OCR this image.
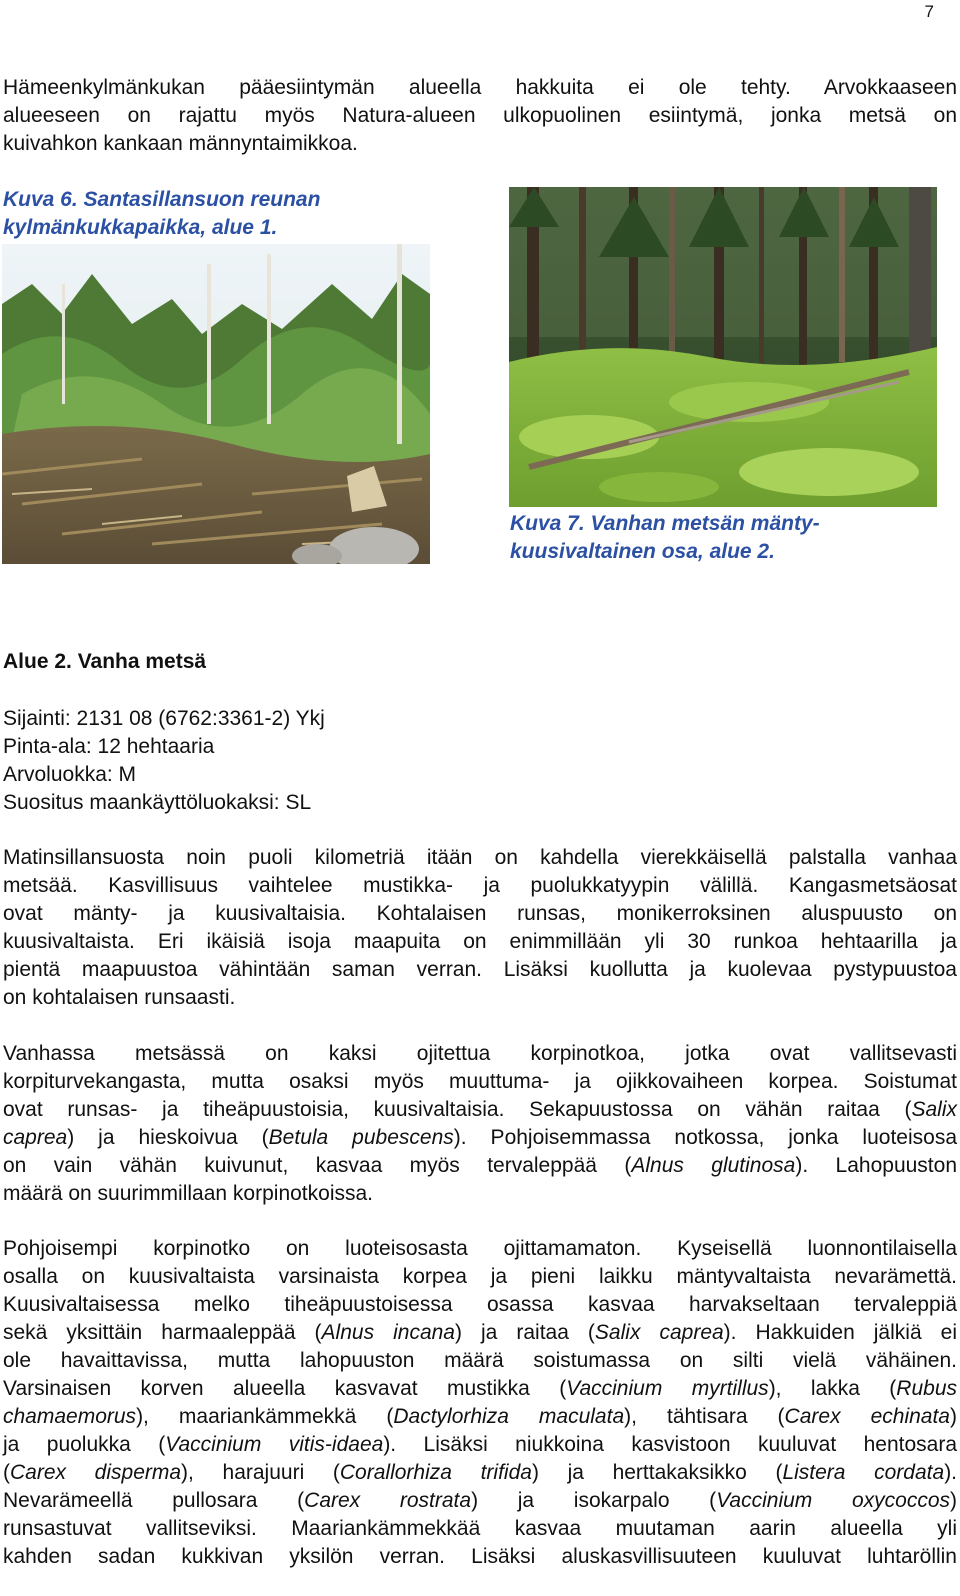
7
Hämeenkylmänkukan pääesiintymän alueella hakkuita ei ole tehty. Arvokkaaseen
alueeseen on rajattu myös Natura-alueen ulkopuolinen esiintymä, jonka metsä on
kuivahkon kankaan männyntaimikkoa.
Kuva 6. Santasillansuon reunan
kylmänkukkapaikka, alue 1.
Kuva 7. Vanhan metsän mänty-
kuusivaltainen osa, alue 2.
Alue 2. Vanha metsä
Sijainti: 2131 08 (6762:3361-2) Ykj
Pinta-ala: 12 hehtaaria
Arvoluokka: M
Suositus maankäyttöluokaksi: SL
Matinsillansuosta noin puoli kilometriä itään on kahdella vierekkäisellä palstalla vanhaa
metsää. Kasvillisuus vaihtelee mustikka- ja puolukkatyypin välillä. Kangasmetsäosat
ovat mänty- ja kuusivaltaisia. Kohtalaisen runsas, monikerroksinen aluspuusto on
kuusivaltaista. Eri ikäisiä isoja maapuita on enimmillään yli 30 runkoa hehtaarilla ja
pientä maapuustoa vähintään saman verran. Lisäksi kuollutta ja kuolevaa pystypuustoa
on kohtalaisen runsaasti.
Vanhassa metsässä on kaksi ojitettua korpinotkoa, jotka ovat vallitsevasti
korpiturvekangasta, mutta osaksi myös muuttuma- ja ojikkovaiheen korpea. Soistumat
ovat runsas- ja tiheäpuustoisia, kuusivaltaisia. Sekapuustossa on vähän raitaa (Salix
caprea) ja hieskoivua (Betula pubescens). Pohjoisemmassa notkossa, jonka luoteisosa
on vain vähän kuivunut, kasvaa myös tervaleppää (Alnus glutinosa). Lahopuuston
määrä on suurimmillaan korpinotkoissa.
Pohjoisempi korpinotko on luoteisosasta ojittamamaton. Kyseisellä luonnontilaisella
osalla on kuusivaltaista varsinaista korpea ja pieni laikku mäntyvaltaista nevarämettä.
Kuusivaltaisessa melko tiheäpuustoisessa osassa kasvaa harvakseltaan tervaleppiä
sekä yksittäin harmaaleppää (Alnus incana) ja raitaa (Salix caprea). Hakkuiden jälkiä ei
ole havaittavissa, mutta lahopuuston määrä soistumassa on silti vielä vähäinen.
Varsinaisen korven alueella kasvavat mustikka (Vaccinium myrtillus), lakka (Rubus
chamaemorus), maariankämmekkä (Dactylorhiza maculata), tähtisara (Carex echinata)
ja puolukka (Vaccinium vitis-idaea). Lisäksi niukkoina kasvistoon kuuluvat hentosara
(Carex disperma), harajuuri (Corallorhiza trifida) ja herttakaksikko (Listera cordata).
Nevarämeellä pullosara (Carex rostrata) ja isokarpalo (Vaccinium oxycoccos)
runsastuvat vallitseviksi. Maariankämmekkää kasvaa muutaman aarin alueella yli
kahden sadan kukkivan yksilön verran. Lisäksi aluskasvillisuuteen kuuluvat luhtaröllin
